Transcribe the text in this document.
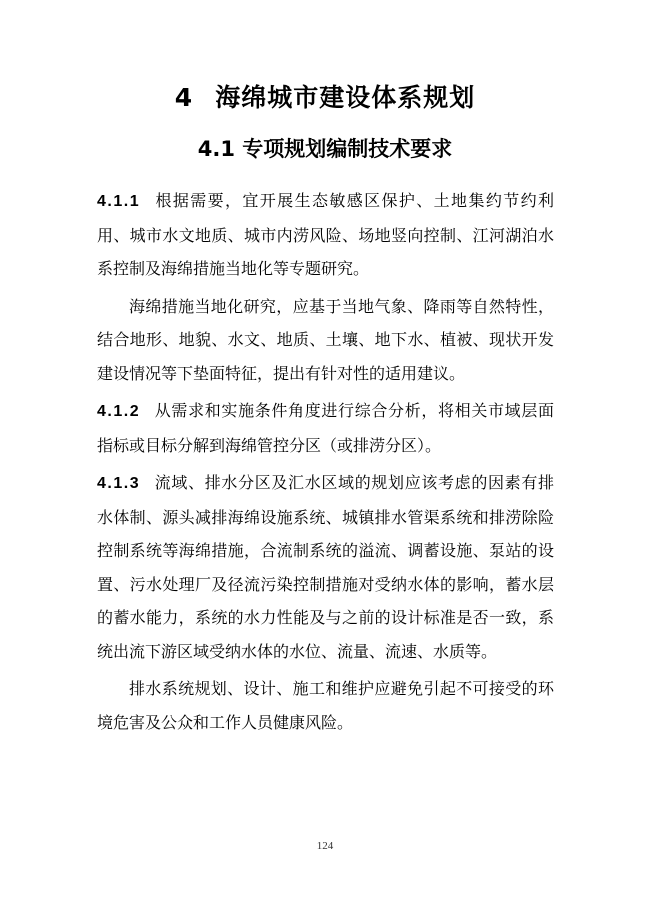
4 海绵城市建设体系规划
4.1 专项规划编制技术要求

4.1.1 根据需要，宜开展生态敏感区保护、土地集约节约利用、城市水文地质、城市内涝风险、场地竖向控制、江河湖泊水系控制及海绵措施当地化等专题研究。

海绵措施当地化研究，应基于当地气象、降雨等自然特性，结合地形、地貌、水文、地质、土壤、地下水、植被、现状开发建设情况等下垫面特征，提出有针对性的适用建议。

4.1.2 从需求和实施条件角度进行综合分析，将相关市域层面指标或目标分解到海绵管控分区（或排涝分区）。

4.1.3 流域、排水分区及汇水区域的规划应该考虑的因素有排水体制、源头减排海绵设施系统、城镇排水管渠系统和排涝除险控制系统等海绵措施，合流制系统的溢流、调蓄设施、泵站的设置、污水处理厂及径流污染控制措施对受纳水体的影响，蓄水层的蓄水能力，系统的水力性能及与之前的设计标准是否一致，系统出流下游区域受纳水体的水位、流量、流速、水质等。

排水系统规划、设计、施工和维护应避免引起不可接受的环境危害及公众和工作人员健康风险。

124
